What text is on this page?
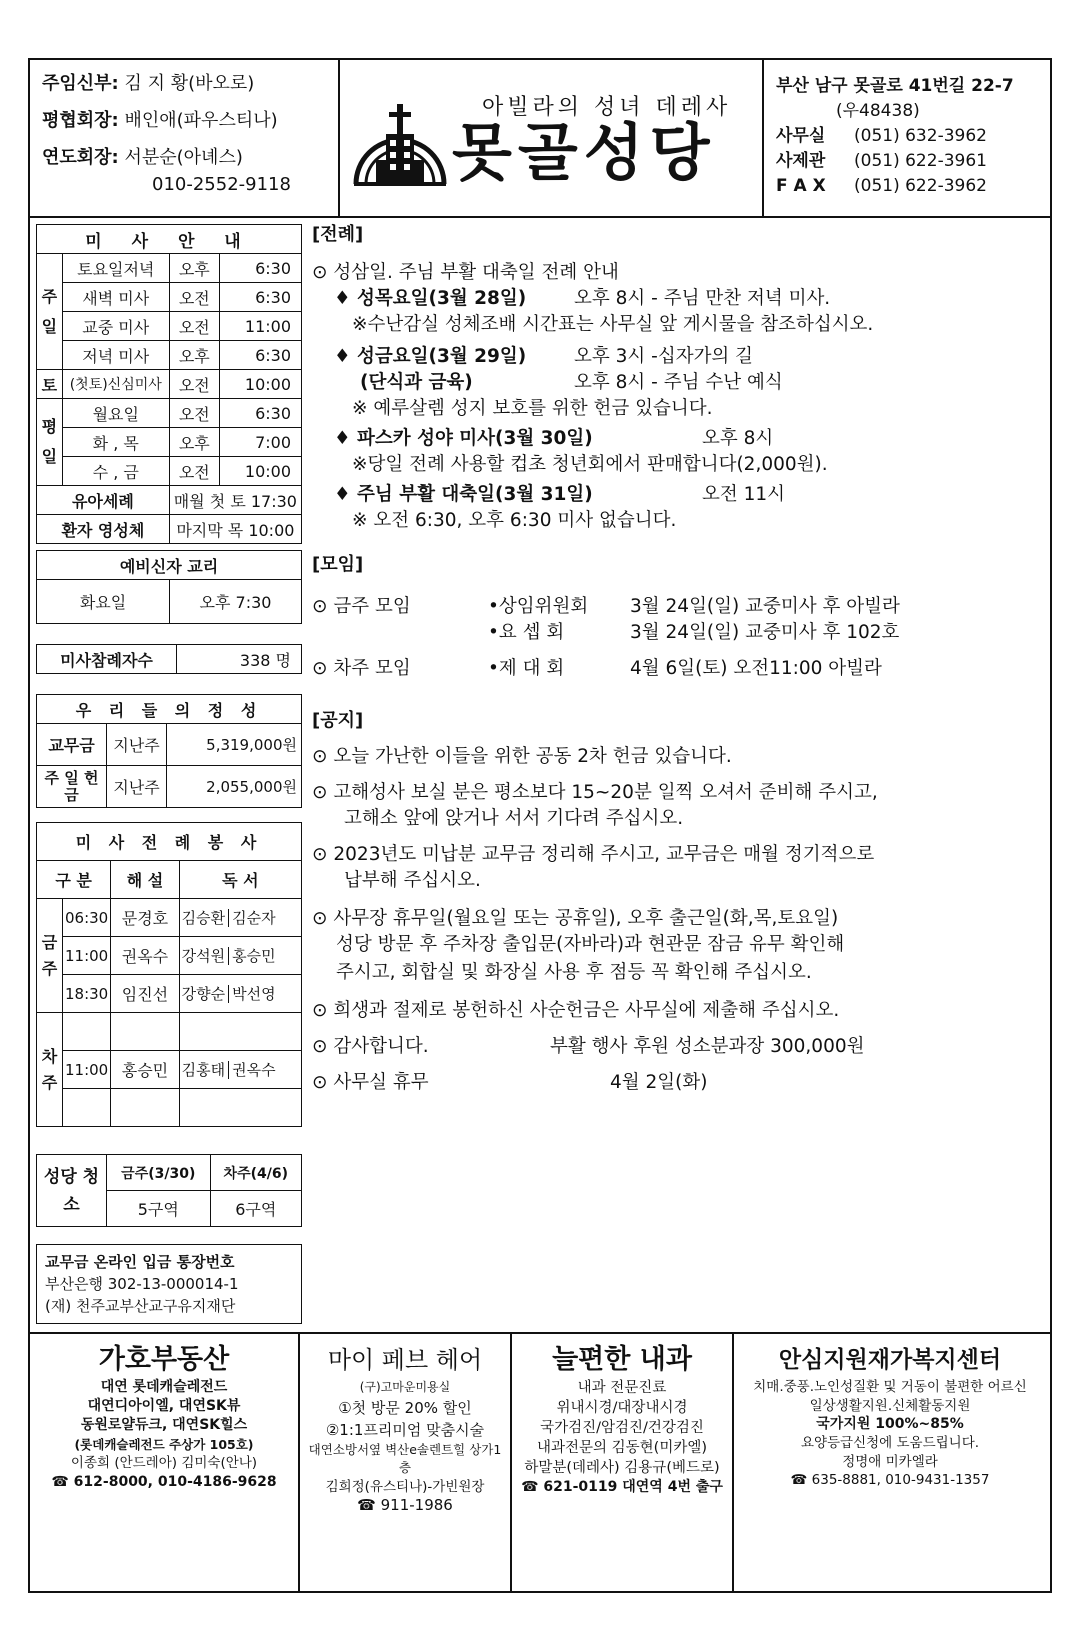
주임신부: 김 지 황(바오로)
평협회장: 배인애(파우스티나)
연도회장: 서분순(아녜스)
010-2552-9118
아빌라의 성녀 데레사
못골성당
부산 남구 못골로 41번길 22-7
(우48438)
사무실	(051) 632-3962
사제관	(051) 622-3961
F A X	(051) 622-3962
미 사 안 내			
주일	토요일저녁	오후	6:30
	새벽 미사	오전	6:30
	교중 미사	오전	11:00
	저녁 미사	오후	6:30
토	(첫토)신심미사	오전	10:00
평일	월요일	오전	6:30
	화 , 목	오후	7:00
	수 , 금	오전	10:00
유아세례		매월 첫 토 17:30	
환자 영성체		마지막 목 10:00	
예비신자 교리
화요일	오후 7:30
미사참례자수	338 명
우 리 들 의 정 성		
교무금	지난주	5,319,000원
주 일 헌 금	지난주	2,055,000원
미 사 전 례 봉 사			
구 분		해 설	독 서
금주	06:30	문경호	김승환 김순자
	11:00	권옥수	강석원 홍승민
	18:30	임진선	강향순 박선영
차주			
	11:00	홍승민	김홍태 권옥수

성당 청소	금주(3/30)	차주(4/6)
	5구역	6구역
교무금 온라인 입금 통장번호
부산은행 302-13-000014-1
(재) 천주교부산교구유지재단
[전례]
⊙ 성삼일. 주님 부활 대축일 전례 안내
♦ 성목요일(3월 28일)	오후 8시 - 주님 만찬 저녁 미사.
※수난감실 성체조배 시간표는 사무실 앞 게시물을 참조하십시오.
♦ 성금요일(3월 29일)	오후 3시 -십자가의 길
(단식과 금육)	오후 8시 - 주님 수난 예식
※ 예루살렘 성지 보호를 위한 헌금 있습니다.
♦ 파스카 성야 미사(3월 30일)	오후 8시
※당일 전례 사용할 컵초 청년회에서 판매합니다(2,000원).
♦ 주님 부활 대축일(3월 31일)	오전 11시
※ 오전 6:30, 오후 6:30 미사 없습니다.
[모임]
⊙ 금주 모임	•상임위원회 3월 24일(일) 교중미사 후 아빌라
•요 셉 회	3월 24일(일) 교중미사 후 102호
⊙ 차주 모임	•제 대 회	4월 6일(토) 오전11:00 아빌라
[공지]
⊙ 오늘 가난한 이들을 위한 공동 2차 헌금 있습니다.
⊙ 고해성사 보실 분은 평소보다 15~20분 일찍 오셔서 준비해 주시고,
고해소 앞에 앉거나 서서 기다려 주십시오.
⊙ 2023년도 미납분 교무금 정리해 주시고, 교무금은 매월 정기적으로
납부해 주십시오.
⊙ 사무장 휴무일(월요일 또는 공휴일), 오후 출근일(화,목,토요일)
성당 방문 후 주차장 출입문(자바라)과 현관문 잠금 유무 확인해
주시고, 회합실 및 화장실 사용 후 점등 꼭 확인해 주십시오.
⊙ 희생과 절제로 봉헌하신 사순헌금은 사무실에 제출해 주십시오.
⊙ 감사합니다.	부활 행사 후원 성소분과장 300,000원
⊙ 사무실 휴무	4월 2일(화)
가호부동산
대연 롯데캐슬레전드
대연디아이엘, 대연SK뷰
동원로얄듀크, 대연SK힐스
(롯데캐슬레전드 주상가 105호)
이종희 (안드레아) 김미숙(안나)
☎ 612-8000, 010-4186-9628
마이 페브 헤어
(구)고마운미용실
①첫 방문 20% 할인
②1:1프리미엄 맞춤시술
대연소방서옆 벽산e솔렌트힐 상가1층
김희정(유스티나)-가빈원장
☎ 911-1986
늘편한 내과
내과 전문진료
위내시경/대장내시경
국가검진/암검진/건강검진
내과전문의 김동현(미카엘)
하말분(데레사) 김용규(베드로)
☎ 621-0119 대연역 4번 출구
안심지원재가복지센터
치매.중풍.노인성질환 및 거동이 불편한 어르신
일상생활지원.신체활동지원
국가지원 100%~85%
요양등급신청에 도움드립니다.
정명애 미카엘라
☎ 635-8881, 010-9431-1357
